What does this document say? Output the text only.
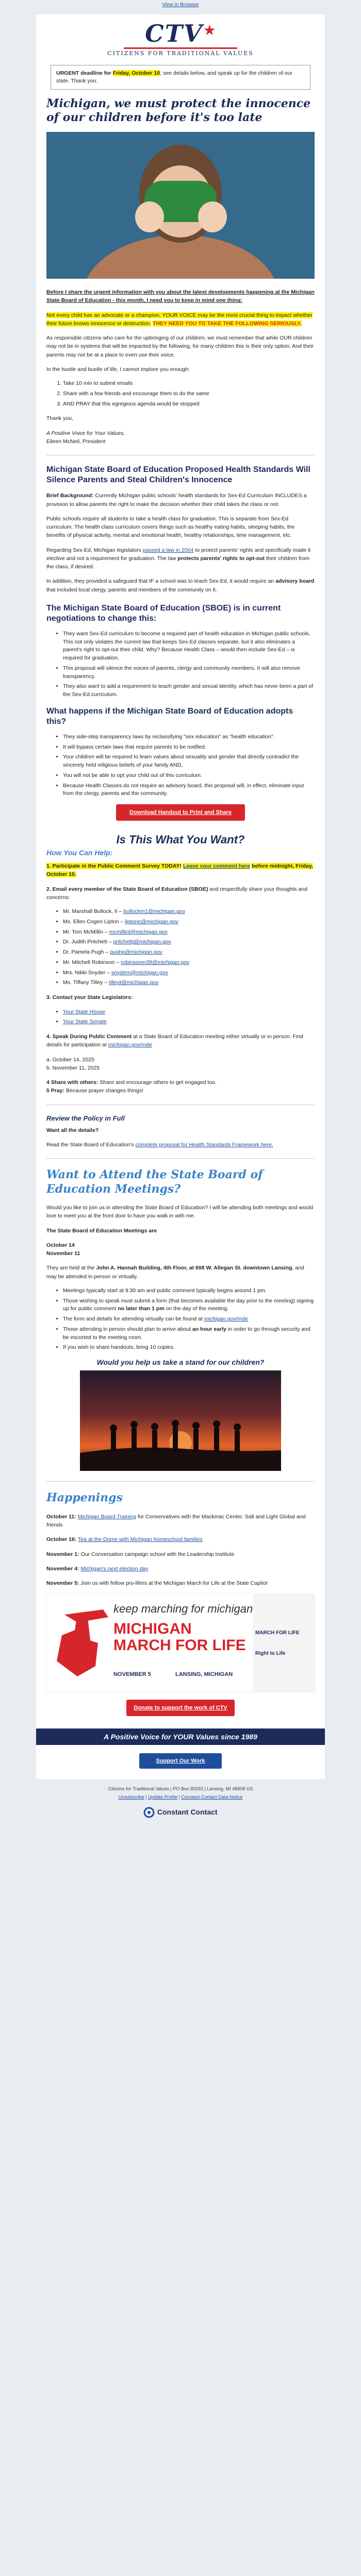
View in Browser
CTV★
CITIZENS FOR TRADITIONAL VALUES
URGENT deadline for Friday, October 10; see details below, and speak up for the children of our state. Thank you.
Michigan, we must protect the innocence of our children before it's too late

Before I share the urgent information with you about the latest developments happening at the Michigan State Board of Education - this month, I need you to keep in mind one thing:

Not every child has an advocate or a champion. YOUR VOICE may be the most crucial thing to impact whether their future knows innocence or destruction. THEY NEED YOU TO TAKE THE FOLLOWING SERIOUSLY.

As responsible citizens who care for the upbringing of our children, we must remember that while OUR children may not be in systems that will be impacted by the following, for many children this is their only option. And their parents may not be at a place to even use their voice.

In the hustle and bustle of life, I cannot implore you enough:

1. Take 10 min to submit emails
2. Share with a few friends and encourage them to do the same
3. AND PRAY that this egregious agenda would be stopped

Thank you,

A Positive Voice for Your Values,
Eileen McNeil, President

Michigan State Board of Education Proposed Health Standards Will Silence Parents and Steal Children's Innocence

Brief Background: Currently Michigan public schools' health standards for Sex-Ed Curriculum INCLUDES a provision to allow parents the right to make the decision whether their child takes the class or not.

Public schools require all students to take a health class for graduation. This is separate from Sex-Ed curriculum. The health class curriculum covers things such as healthy eating habits, sleeping habits, the benefits of physical activity, mental and emotional health, healthy relationships, time management, etc.

Regarding Sex-Ed, Michigan legislators passed a law in 2004 to protect parents' rights and specifically made it elective and not a requirement for graduation. The law protects parents' rights to opt-out their children from the class, if desired.

In addition, they provided a safeguard that IF a school was to teach Sex-Ed, it would require an advisory board that included local clergy, parents and members of the community on it.

The Michigan State Board of Education (SBOE) is in current negotiations to change this:
• They want Sex-Ed curriculum to become a required part of health education in Michigan public schools. This not only violates the current law that keeps Sex-Ed classes separate, but it also eliminates a parent's right to opt-out their child. Why? Because Health Class – would then include Sex-Ed – is required for graduation.
• This proposal will silence the voices of parents, clergy and community members. It will also remove transparency.
• They also want to add a requirement to teach gender and sexual identity, which has never been a part of the Sex-Ed curriculum.
What happens if the Michigan State Board of Education adopts this?
• They side-step transparency laws by reclassifying "sex education" as "health education".
• It will bypass certain laws that require parents to be notified.
• Your children will be required to learn values about sexuality and gender that directly contradict the sincerely held religious beliefs of your family AND,
• You will not be able to opt your child out of this curriculum.
• Because Health Classes do not require an advisory board, this proposal will, in effect, eliminate input from the clergy, parents and the community.
Download Handout to Print and Share
Is This What You Want?
How You Can Help:

1. Participate in the Public Comment Survey TODAY! Leave your comment here before midnight, Friday, October 10.

2. Email every member of the State Board of Education (SBOE) and respectfully share your thoughts and concerns:

• Mr. Marshall Bullock, II – bullockm1@michigan.gov
• Ms. Ellen Cogen Lipton – liptone@michigan.gov
• Mr. Tom McMillin – mcmillint@michigan.gov
• Dr. Judith Pritchett – pritchettj@michigan.gov
• Dr. Pamela Pugh – pughp@michigan.gov
• Mr. Mitchell Robinson – robinsonm39@michigan.gov
• Mrs. Nikki Snyder – snydern@michigan.gov
• Ms. Tiffany Tilley – tilleyt@michigan.gov

3. Contact your State Legislators:

• Your State House
• Your State Senate

4. Speak During Public Comment at a State Board of Education meeting either virtually or in person. Find details for participation at michigan.gov/mde

a. October 14, 2025
b. November 11, 2025

4 Share with others: Share and encourage others to get engaged too.
5 Pray: Because prayer changes things!

Review the Policy in Full

Want all the details?

Read the State Board of Education's complete proposal for Health Standards Framework here.

Want to Attend the State Board of Education Meetings?

Would you like to join us in attending the State Board of Education? I will be attending both meetings and would love to meet you at the front door to have you walk in with me.

The State Board of Education Meetings are

October 14
November 11

They are held at the John A. Hannah Building, 4th Floor, at 608 W. Allegan St. downtown Lansing, and may be attended in person or virtually.

• Meetings typically start at 9:30 am and public comment typically begins around 1 pm.
• Those wishing to speak must submit a form (that becomes available the day prior to the meeting) signing up for public comment no later than 1 pm on the day of the meeting.
• The form and details for attending virtually can be found at michigan.gov/mde
• Those attending in person should plan to arrive about an hour early in order to go through security and be escorted to the meeting room.
• If you wish to share handouts, bring 10 copies.
Would you help us take a stand for our children?
Happenings

October 11: Michigan Board Training for Conservatives with the Mackinac Center, Salt and Light Global and friends

October 16: Tea at the Dome with Michigan homeschool families

November 1: Our Conversation campaign school with the Leadership Institute

November 4: Michigan's next election day

November 5: Join us with fellow pro-lifers at the Michigan March for Life at the State Capitol

keep marching for michigan
MICHIGAN MARCH FOR LIFE
NOVEMBER 5	LANSING, MICHIGAN
MARCH FOR LIFE
Right to Life
Donate to support the work of CTV
A Positive Voice for YOUR Values since 1989
Support Our Work
Citizens for Traditional Values | PO Box 80293 | Lansing, MI 48908 US
Unsubscribe | Update Profile | Constant Contact Data Notice
Constant Contact
